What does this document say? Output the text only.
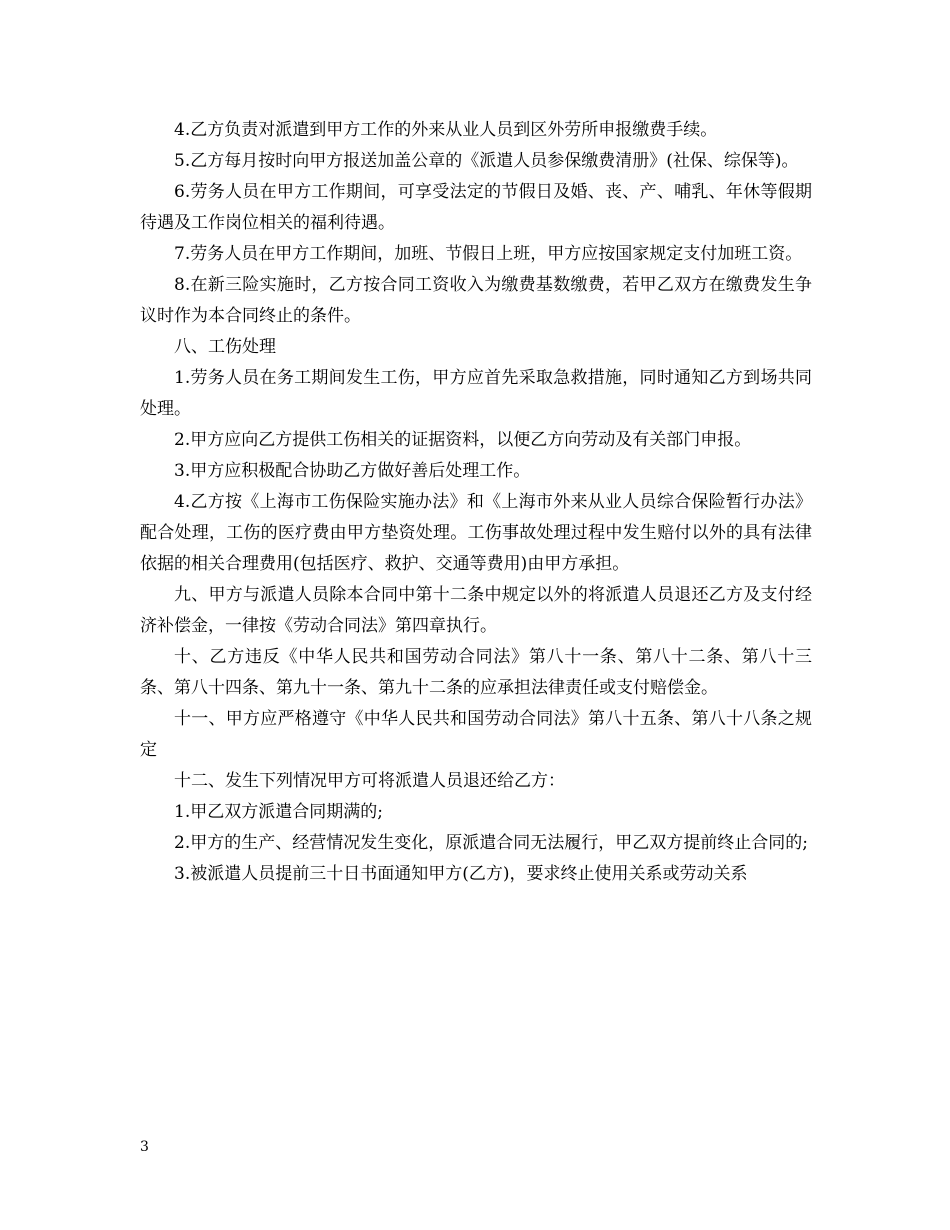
4.乙方负责对派遣到甲方工作的外来从业人员到区外劳所申报缴费手续。

5.乙方每月按时向甲方报送加盖公章的《派遣人员参保缴费清册》(社保、综保等)。

6.劳务人员在甲方工作期间，可享受法定的节假日及婚、丧、产、哺乳、年休等假期待遇及工作岗位相关的福利待遇。

7.劳务人员在甲方工作期间，加班、节假日上班，甲方应按国家规定支付加班工资。

8.在新三险实施时，乙方按合同工资收入为缴费基数缴费，若甲乙双方在缴费发生争议时作为本合同终止的条件。

八、工伤处理

1.劳务人员在务工期间发生工伤，甲方应首先采取急救措施，同时通知乙方到场共同处理。

2.甲方应向乙方提供工伤相关的证据资料，以便乙方向劳动及有关部门申报。

3.甲方应积极配合协助乙方做好善后处理工作。

4.乙方按《上海市工伤保险实施办法》和《上海市外来从业人员综合保险暂行办法》配合处理，工伤的医疗费由甲方垫资处理。工伤事故处理过程中发生赔付以外的具有法律依据的相关合理费用(包括医疗、救护、交通等费用)由甲方承担。

九、甲方与派遣人员除本合同中第十二条中规定以外的将派遣人员退还乙方及支付经济补偿金，一律按《劳动合同法》第四章执行。

十、乙方违反《中华人民共和国劳动合同法》第八十一条、第八十二条、第八十三条、第八十四条、第九十一条、第九十二条的应承担法律责任或支付赔偿金。

十一、甲方应严格遵守《中华人民共和国劳动合同法》第八十五条、第八十八条之规定

十二、发生下列情况甲方可将派遣人员退还给乙方：

1.甲乙双方派遣合同期满的;

2.甲方的生产、经营情况发生变化，原派遣合同无法履行，甲乙双方提前终止合同的;

3.被派遣人员提前三十日书面通知甲方(乙方)，要求终止使用关系或劳动关系

3
